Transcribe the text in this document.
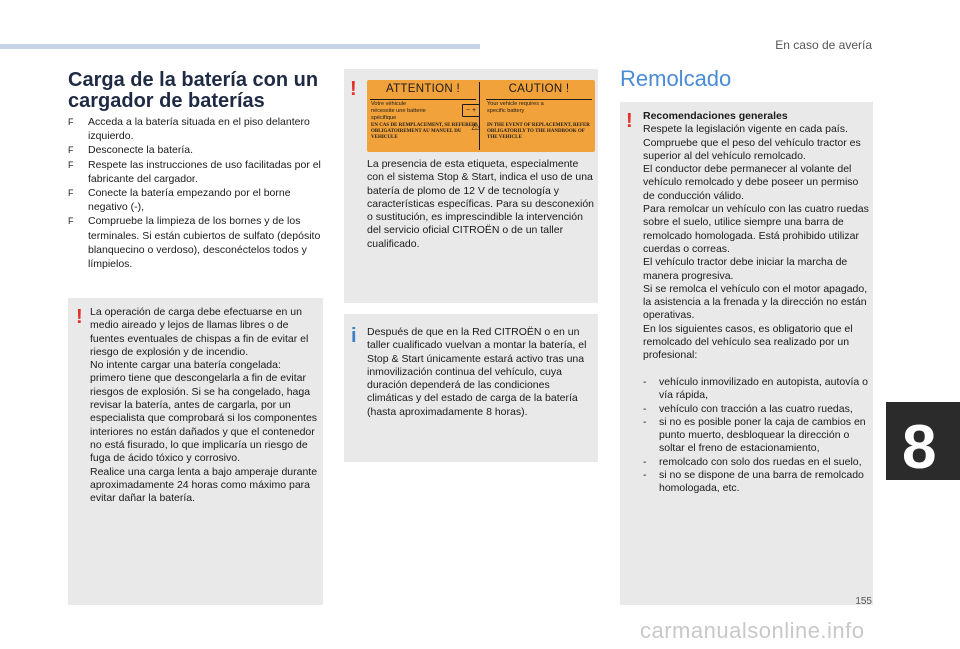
En caso de avería
8
Carga de la batería con un cargador de baterías
F Acceda a la batería situada en el piso delantero izquierdo.
F Desconecte la batería.
F Respete las instrucciones de uso facilitadas por el fabricante del cargador.
F Conecte la batería empezando por el borne negativo (-),
F Compruebe la limpieza de los bornes y de los terminales. Si están cubiertos de sulfato (depósito blanquecino o verdoso), desconéctelos todos y límpielos.
! La operación de carga debe efectuarse en un medio aireado y lejos de llamas libres o de fuentes eventuales de chispas a fin de evitar el riesgo de explosión y de incendio.
No intente cargar una batería congelada: primero tiene que descongelarla a fin de evitar riesgos de explosión. Si se ha congelado, haga revisar la batería, antes de cargarla, por un especialista que comprobará si los componentes interiores no están dañados y que el contenedor no está fisurado, lo que implicaría un riesgo de fuga de ácido tóxico y corrosivo.
Realice una carga lenta a bajo amperaje durante aproximadamente 24 horas como máximo para evitar dañar la batería.
!	ATTENTION !
Votre véhicule nécessite une batterie spécifique
EN CAS DE REMPLACEMENT, SE REFERER OBLIGATOIREMENT AU MANUEL DU VEHICULE
− +
CAUTION !
Your vehicle requires a specific battery
IN THE EVENT OF REPLACEMENT, REFER OBLIGATORILY TO THE HANDBOOK OF THE VEHICLE
⚠
La presencia de esta etiqueta, especialmente con el sistema Stop & Start, indica el uso de una batería de plomo de 12 V de tecnología y características específicas. Para su desconexión o sustitución, es imprescindible la intervención del servicio oficial CITROËN o de un taller cualificado.
i Después de que en la Red CITROËN o en un taller cualificado vuelvan a montar la batería, el Stop & Start únicamente estará activo tras una inmovilización continua del vehículo, cuya duración dependerá de las condiciones climáticas y del estado de carga de la batería (hasta aproximadamente 8 horas).
Remolcado
! Recomendaciones generales
Respete la legislación vigente en cada país.
Compruebe que el peso del vehículo tractor es superior al del vehículo remolcado.
El conductor debe permanecer al volante del vehículo remolcado y debe poseer un permiso de conducción válido.
Para remolcar un vehículo con las cuatro ruedas sobre el suelo, utilice siempre una barra de remolcado homologada. Está prohibido utilizar cuerdas o correas.
El vehículo tractor debe iniciar la marcha de manera progresiva.
Si se remolca el vehículo con el motor apagado, la asistencia a la frenada y la dirección no están operativas.
En los siguientes casos, es obligatorio que el remolcado del vehículo sea realizado por un profesional:
- vehículo inmovilizado en autopista, autovía o vía rápida,
- vehículo con tracción a las cuatro ruedas,
- si no es posible poner la caja de cambios en punto muerto, desbloquear la dirección o soltar el freno de estacionamiento,
- remolcado con solo dos ruedas en el suelo,
- si no se dispone de una barra de remolcado homologada, etc.
155
carmanualsonline.info
